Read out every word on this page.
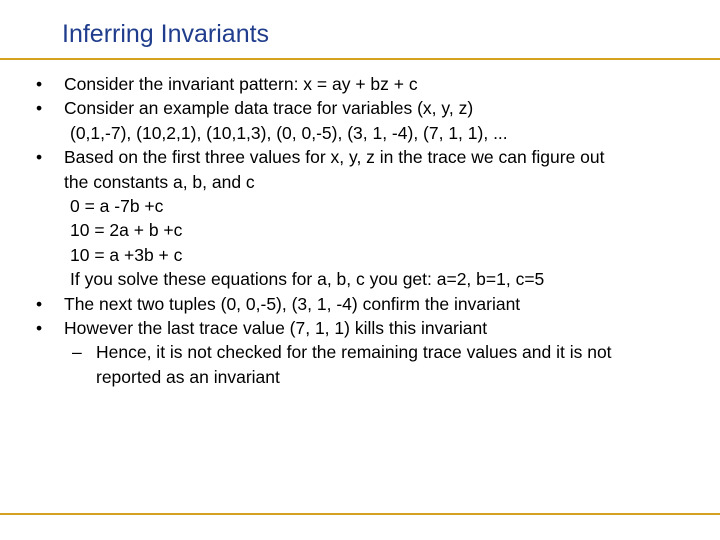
Inferring Invariants
• Consider the invariant pattern: x = ay + bz + c
• Consider an example data trace for variables (x, y, z)
(0,1,-7), (10,2,1), (10,1,3), (0, 0,-5), (3, 1, -4), (7, 1, 1), ...
• Based on the first three values for x, y, z in the trace we can figure out
the constants a, b, and c
0 = a -7b +c
10 = 2a + b +c
10 = a +3b + c
If you solve these equations for a, b, c you get: a=2, b=1, c=5
• The next two tuples (0, 0,-5), (3, 1, -4) confirm the invariant
• However the last trace value (7, 1, 1) kills this invariant
– Hence, it is not checked for the remaining trace values and it is not
reported as an invariant
